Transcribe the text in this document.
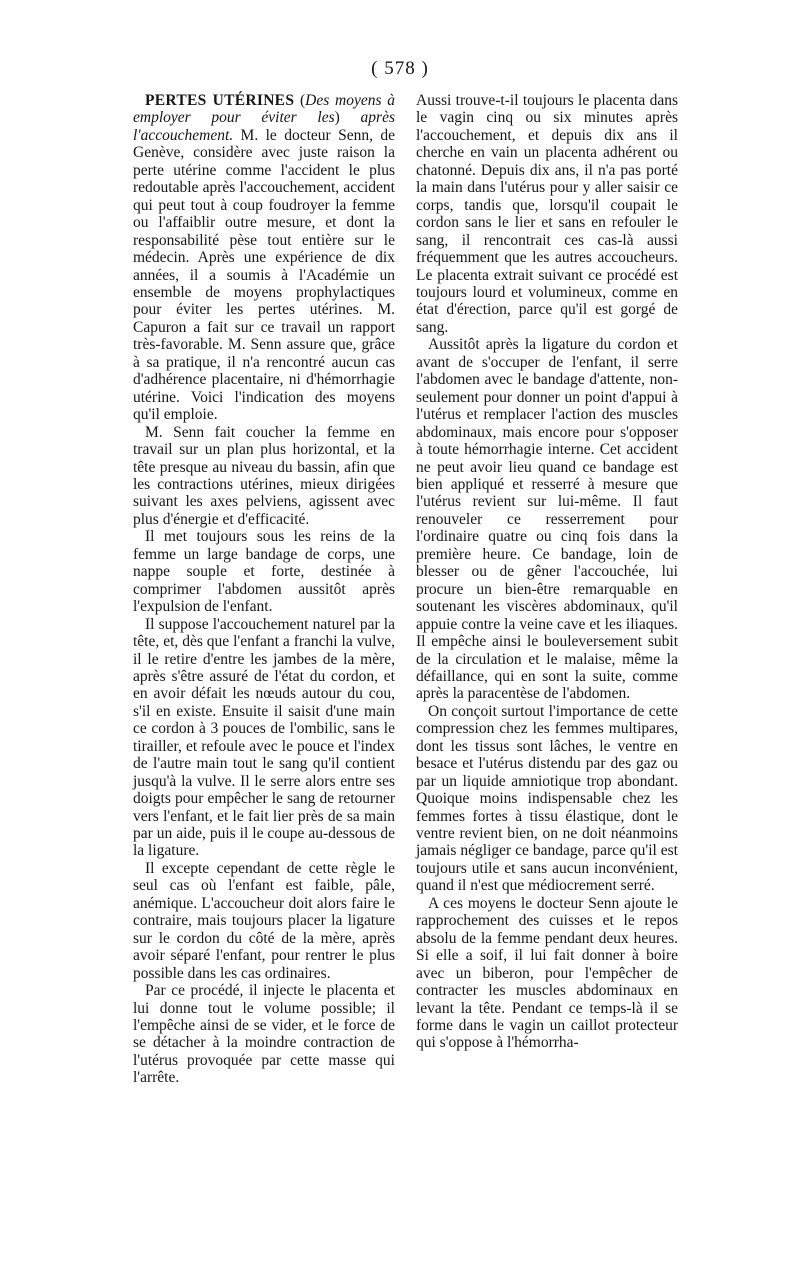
( 578 )

PERTES UTÉRINES (Des moyens à employer pour éviter les) après l'accouchement. M. le docteur Senn, de Genève, considère avec juste raison la perte utérine comme l'accident le plus redoutable après l'accouchement, accident qui peut tout à coup foudroyer la femme ou l'affaiblir outre mesure, et dont la responsabilité pèse tout entière sur le médecin. Après une expérience de dix années, il a soumis à l'Académie un ensemble de moyens prophylactiques pour éviter les pertes utérines. M. Capuron a fait sur ce travail un rapport très-favorable. M. Senn assure que, grâce à sa pratique, il n'a rencontré aucun cas d'adhérence placentaire, ni d'hémorrhagie utérine. Voici l'indication des moyens qu'il emploie.

M. Senn fait coucher la femme en travail sur un plan plus horizontal, et la tête presque au niveau du bassin, afin que les contractions utérines, mieux dirigées suivant les axes pelviens, agissent avec plus d'énergie et d'efficacité.

Il met toujours sous les reins de la femme un large bandage de corps, une nappe souple et forte, destinée à comprimer l'abdomen aussitôt après l'expulsion de l'enfant.

Il suppose l'accouchement naturel par la tête, et, dès que l'enfant a franchi la vulve, il le retire d'entre les jambes de la mère, après s'être assuré de l'état du cordon, et en avoir défait les nœuds autour du cou, s'il en existe. Ensuite il saisit d'une main ce cordon à 3 pouces de l'ombilic, sans le tirailler, et refoule avec le pouce et l'index de l'autre main tout le sang qu'il contient jusqu'à la vulve. Il le serre alors entre ses doigts pour empêcher le sang de retourner vers l'enfant, et le fait lier près de sa main par un aide, puis il le coupe au-dessous de la ligature.

Il excepte cependant de cette règle le seul cas où l'enfant est faible, pâle, anémique. L'accoucheur doit alors faire le contraire, mais toujours placer la ligature sur le cordon du côté de la mère, après avoir séparé l'enfant, pour rentrer le plus possible dans les cas ordinaires.

Par ce procédé, il injecte le placenta et lui donne tout le volume possible; il l'empêche ainsi de se vider, et le force de se détacher à la moindre contraction de l'utérus provoquée par cette masse qui l'arrête.

Aussi trouve-t-il toujours le placenta dans le vagin cinq ou six minutes après l'accouchement, et depuis dix ans il cherche en vain un placenta adhérent ou chatonné. Depuis dix ans, il n'a pas porté la main dans l'utérus pour y aller saisir ce corps, tandis que, lorsqu'il coupait le cordon sans le lier et sans en refouler le sang, il rencontrait ces cas-là aussi fréquemment que les autres accoucheurs. Le placenta extrait suivant ce procédé est toujours lourd et volumineux, comme en état d'érection, parce qu'il est gorgé de sang.

Aussitôt après la ligature du cordon et avant de s'occuper de l'enfant, il serre l'abdomen avec le bandage d'attente, non-seulement pour donner un point d'appui à l'utérus et remplacer l'action des muscles abdominaux, mais encore pour s'opposer à toute hémorrhagie interne. Cet accident ne peut avoir lieu quand ce bandage est bien appliqué et resserré à mesure que l'utérus revient sur lui-même. Il faut renouveler ce resserrement pour l'ordinaire quatre ou cinq fois dans la première heure. Ce bandage, loin de blesser ou de gêner l'accouchée, lui procure un bien-être remarquable en soutenant les viscères abdominaux, qu'il appuie contre la veine cave et les iliaques. Il empêche ainsi le bouleversement subit de la circulation et le malaise, même la défaillance, qui en sont la suite, comme après la paracentèse de l'abdomen.

On conçoit surtout l'importance de cette compression chez les femmes multipares, dont les tissus sont lâches, le ventre en besace et l'utérus distendu par des gaz ou par un liquide amniotique trop abondant. Quoique moins indispensable chez les femmes fortes à tissu élastique, dont le ventre revient bien, on ne doit néanmoins jamais négliger ce bandage, parce qu'il est toujours utile et sans aucun inconvénient, quand il n'est que médiocrement serré.

A ces moyens le docteur Senn ajoute le rapprochement des cuisses et le repos absolu de la femme pendant deux heures. Si elle a soif, il lui fait donner à boire avec un biberon, pour l'empêcher de contracter les muscles abdominaux en levant la tête. Pendant ce temps-là il se forme dans le vagin un caillot protecteur qui s'oppose à l'hémorrha-
